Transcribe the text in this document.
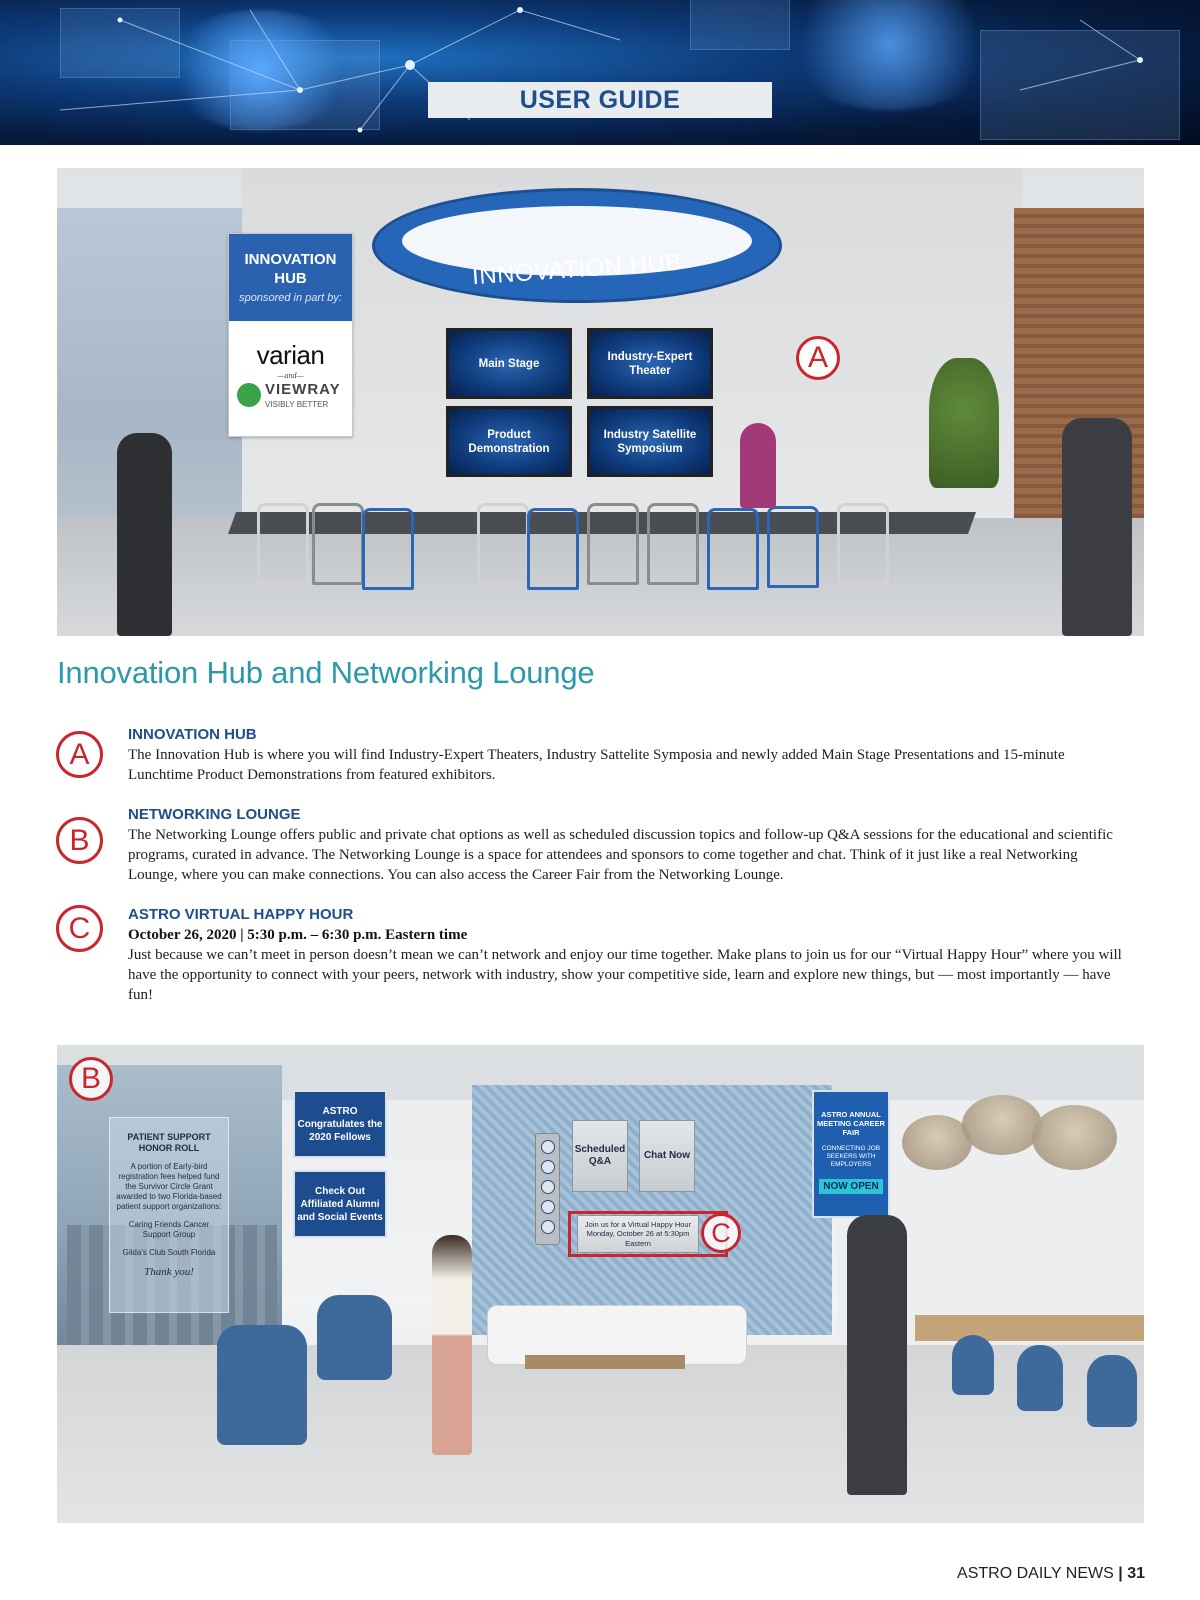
USER GUIDE
INNOVATION HUB
INNOVATION HUB
sponsored in part by:
varian
—and—
VIEWRAY
VISIBLY BETTER
Main Stage
Industry-Expert Theater
Product Demonstration
Industry Satellite Symposium
A
Innovation Hub and Networking Lounge
A
INNOVATION HUB
The Innovation Hub is where you will find Industry-Expert Theaters, Industry Sattelite Symposia and newly added Main Stage Presentations and 15-minute Lunchtime Product Demonstrations from featured exhibitors.
B
NETWORKING LOUNGE
The Networking Lounge offers public and private chat options as well as scheduled discussion topics and follow-up Q&A sessions for the educational and scientific programs, curated in advance. The Networking Lounge is a space for attendees and sponsors to come together and chat. Think of it just like a real Networking Lounge, where you can make connections. You can also access the Career Fair from the Networking Lounge.
C	ASTRO VIRTUAL HAPPY HOUR
October 26, 2020 | 5:30 p.m. – 6:30 p.m. Eastern time
Just because we can’t meet in person doesn’t mean we can’t network and enjoy our time together. Make plans to join us for our “Virtual Happy Hour” where you will have the opportunity to connect with your peers, network with industry, show your competitive side, learn and explore new things, but — most importantly — have fun!
PATIENT SUPPORT HONOR ROLL
A portion of Early-bird registration fees helped fund the Survivor Circle Grant awarded to two Florida-based patient support organizations:
Caring Friends Cancer Support Group
Gilda's Club South Florida
Thank you!
ASTRO Congratulates the 2020 Fellows
Check Out Affiliated Alumni and Social Events
Scheduled Q&A
Chat Now
Join us for a Virtual Happy Hour Monday, October 26 at 5:30pm Eastern	C
ASTRO ANNUAL MEETING CAREER FAIR
CONNECTING JOB SEEKERS WITH EMPLOYERS
NOW OPEN
B
ASTRO DAILY NEWS | 31
